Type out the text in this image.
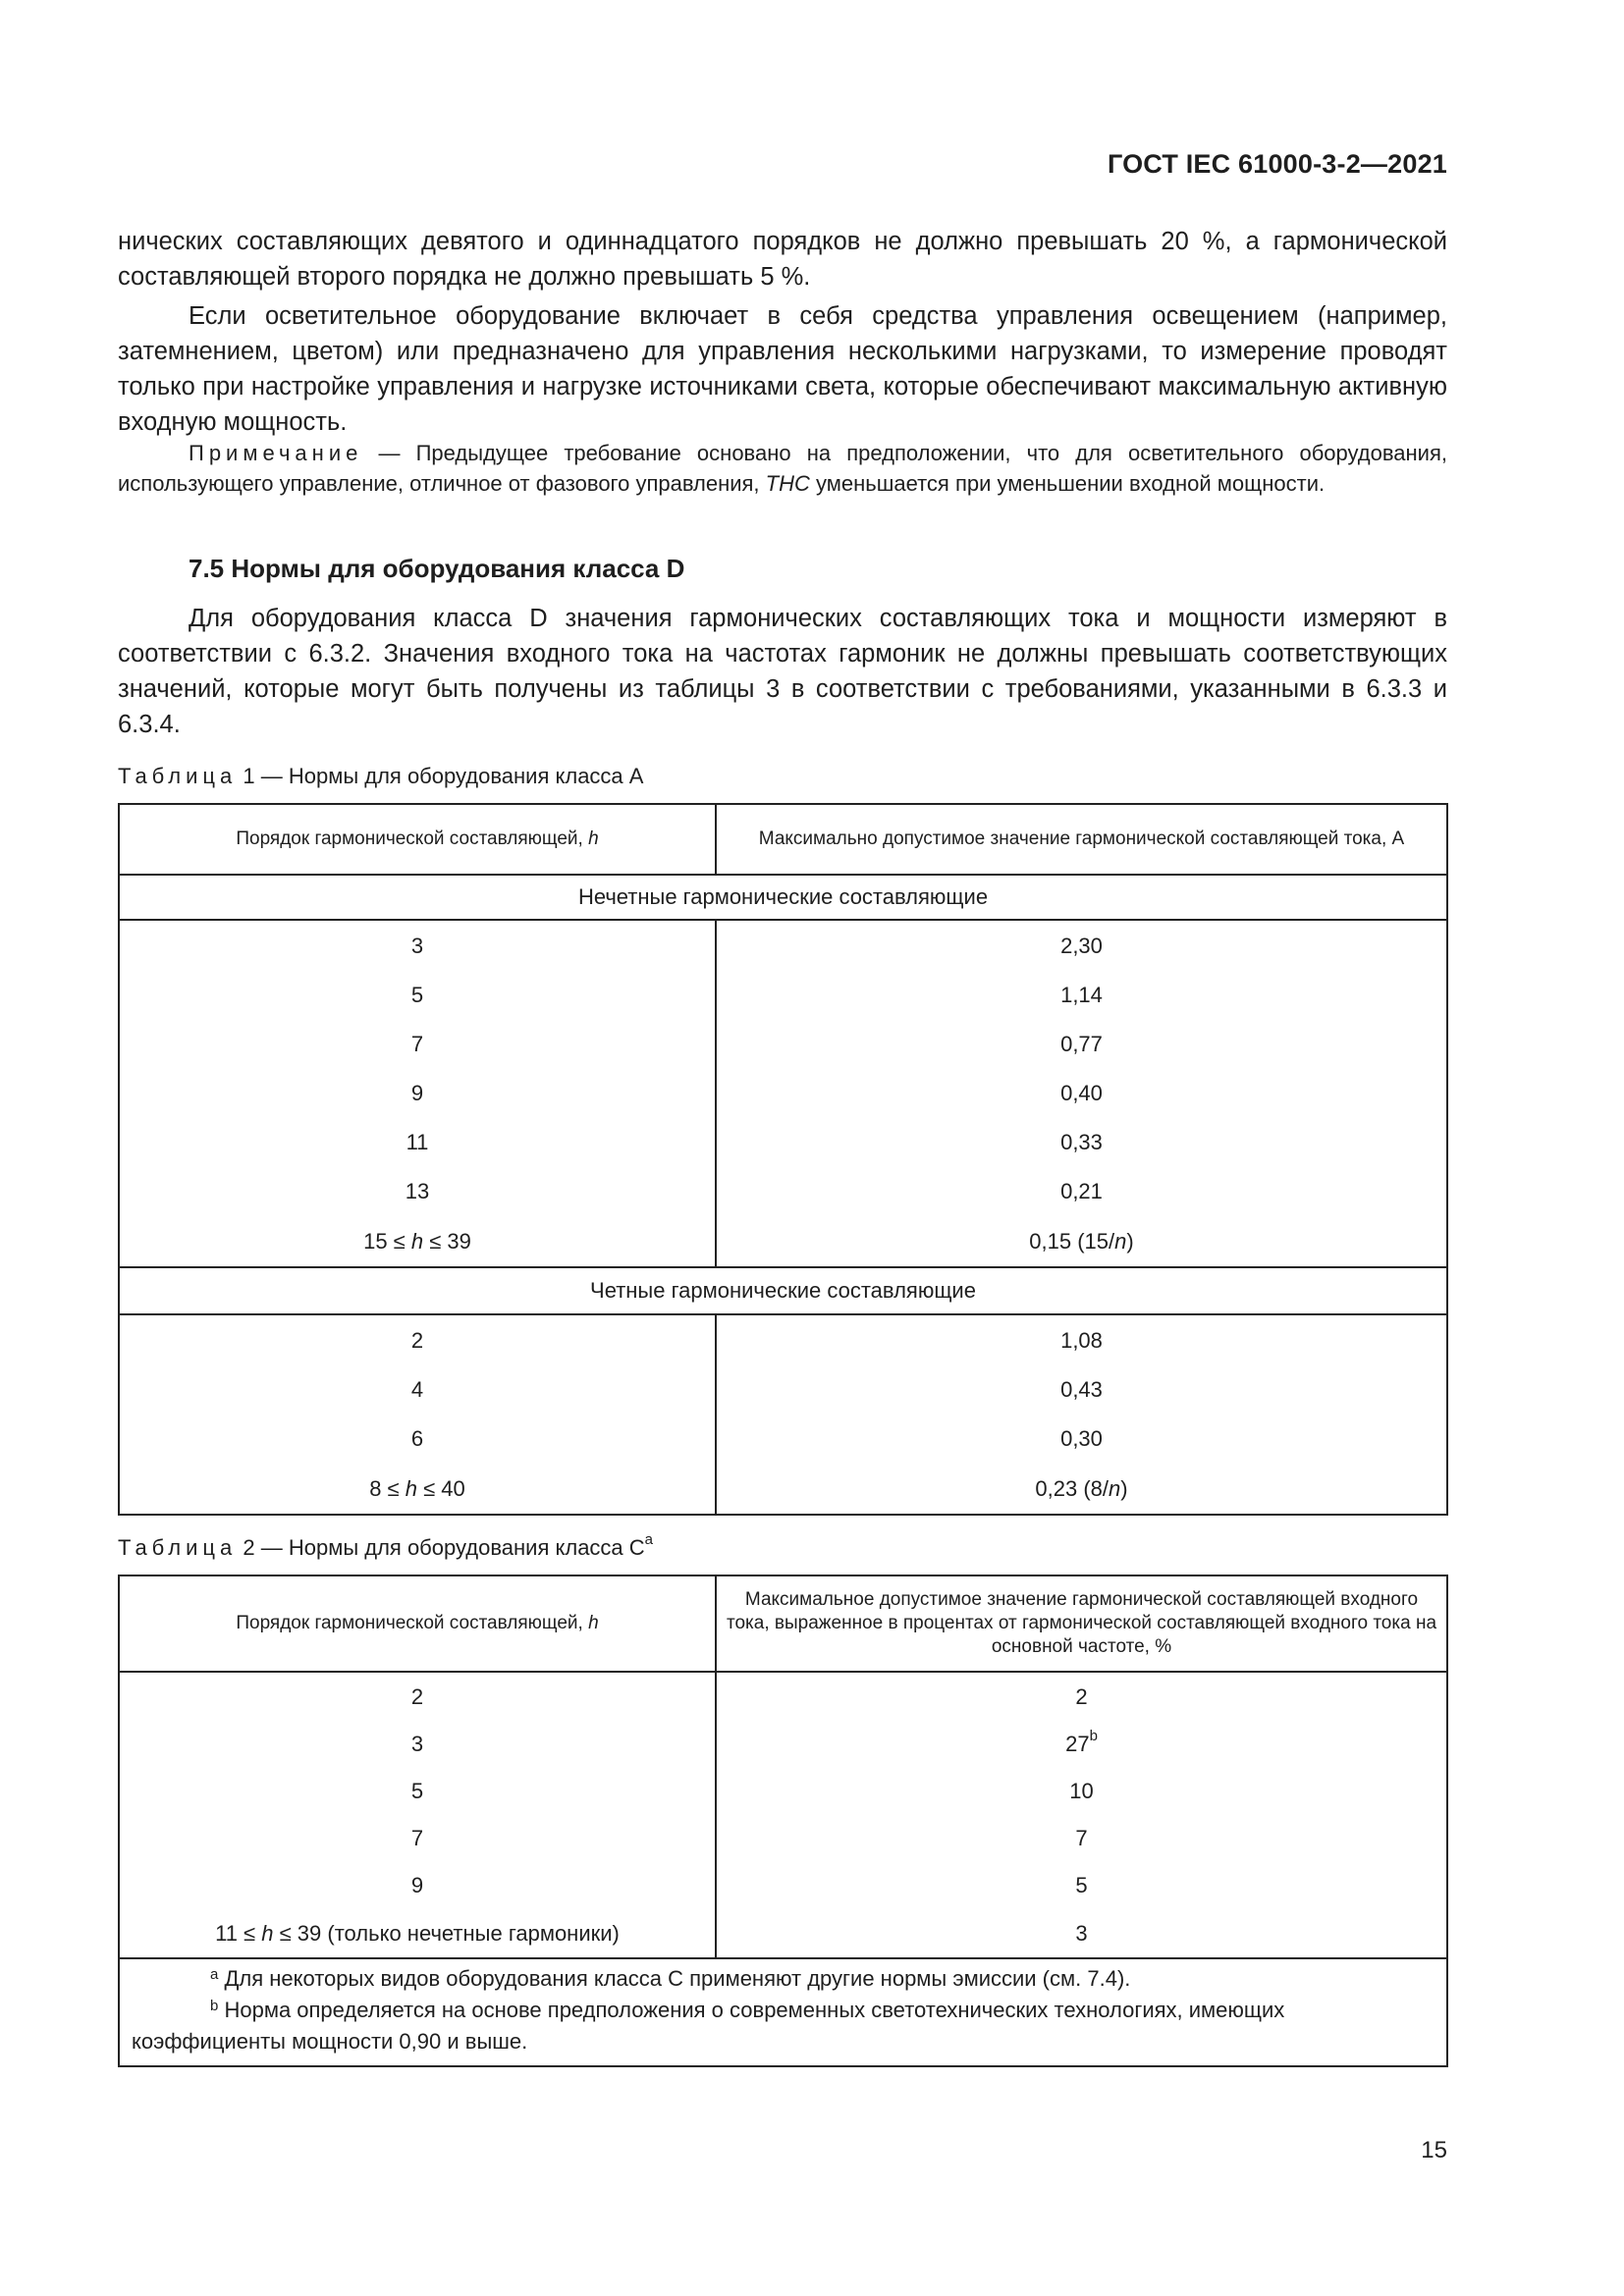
ГОСТ IEC 61000-3-2—2021

нических составляющих девятого и одиннадцатого порядков не должно превышать 20 %, а гармонической составляющей второго порядка не должно превышать 5 %.

Если осветительное оборудование включает в себя средства управления освещением (например, затемнением, цветом) или предназначено для управления несколькими нагрузками, то измерение проводят только при настройке управления и нагрузке источниками света, которые обеспечивают максимальную активную входную мощность.

Примечание — Предыдущее требование основано на предположении, что для осветительного оборудования, использующего управление, отличное от фазового управления, THC уменьшается при уменьшении входной мощности.
7.5 Нормы для оборудования класса D
Для оборудования класса D значения гармонических составляющих тока и мощности измеряют в соответствии с 6.3.2. Значения входного тока на частотах гармоник не должны превышать соответствующих значений, которые могут быть получены из таблицы 3 в соответствии с требованиями, указанными в 6.3.3 и 6.3.4.
Таблица 1 — Нормы для оборудования класса А
Порядок гармонической составляющей, h	Максимально допустимое значение гармонической составляющей тока, А
Нечетные гармонические составляющие	
3	2,30
5	1,14
7	0,77
9	0,40
11	0,33
13	0,21
15 ≤ h ≤ 39	0,15 (15/n)
Четные гармонические составляющие	
2	1,08
4	0,43
6	0,30
8 ≤ h ≤ 40	0,23 (8/n)
Таблица 2 — Нормы для оборудования класса $С^a$
Порядок гармонической составляющей, h	Максимальное допустимое значение гармонической составляющей входного тока, выраженное в процентах от гармонической составляющей входного тока на основной частоте, %
2	2
3	27$^b$
5	10
7	7
9	5
11 ≤ h ≤ 39 (только нечетные гармоники)	3

$^a$ Для некоторых видов оборудования класса С применяют другие нормы эмиссии (см. 7.4).
$^b$ Норма определяется на основе предположения о современных светотехнических технологиях, имеющих коэффициенты мощности 0,90 и выше.	
15
